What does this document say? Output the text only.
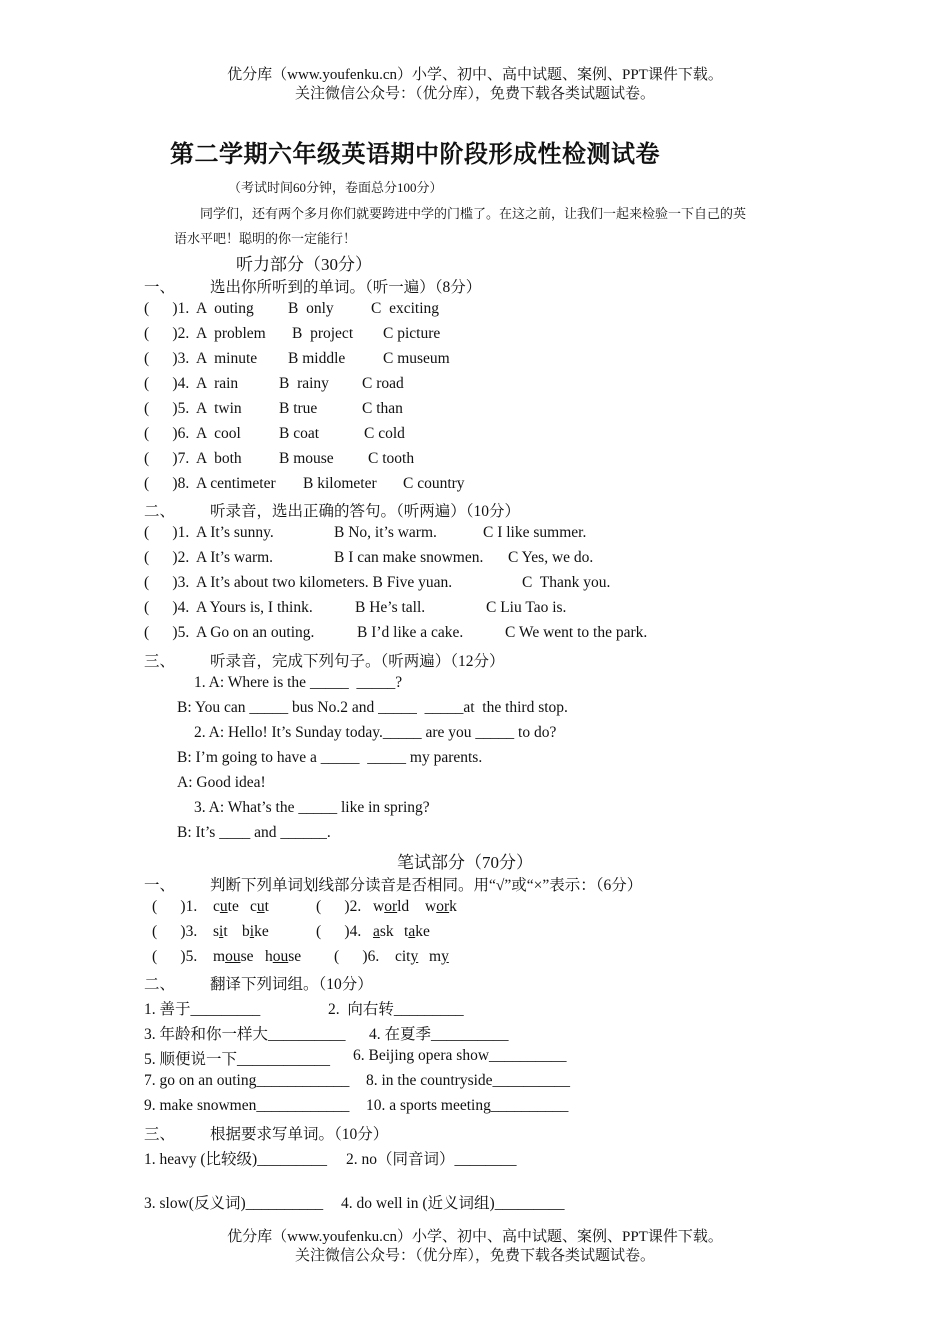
优分库（www.youfenku.cn）小学、初中、高中试题、案例、PPT课件下载。
关注微信公众号：（优分库），免费下载各类试题试卷。
第二学期六年级英语期中阶段形成性检测试卷
（考试时间60分钟，卷面总分100分）
同学们，还有两个多月你们就要跨进中学的门槛了。在这之前，让我们一起来检验一下自己的英
语水平吧！聪明的你一定能行！
听力部分（30分）
一、 选出你所听到的单词。（听一遍）（8分）
(      )1. A  outing B  only C  exciting
(      )2. A  problem B  project C picture
(      )3. A  minute B middle C museum
(      )4. A  rain	B  rainy C road
(      )5. A  twin B true	C than
(      )6. A  cool B coat	C cold
(      )7. A  both B mouse C tooth
(      )8. A centimeter B kilometer C country
二、 听录音，选出正确的答句。（听两遍）（10分）
(      )1. A It’s sunny.	B No, it’s warm.	C I like summer.
(      )2. A It’s warm.	B I can make snowmen. C Yes, we do.
(      )3. A It’s about two kilometers. B Five yuan.	C  Thank you.
(      )4. A Yours is, I think.	B He’s tall.	C Liu Tao is.
(      )5. A Go on an outing.	B I’d like a cake.	C We went to the park.
三、 听录音，完成下列句子。（听两遍）（12分）
1. A: Where is the _____  _____?
B: You can _____ bus No.2 and _____  _____at  the third stop.
2. A: Hello! It’s Sunday today._____ are you _____ to do?
B: I’m going to have a _____  _____ my parents.
A: Good idea!
3. A: What’s the _____ like in spring?
B: It’s ____ and ______.
笔试部分（70分）
一、 判断下列单词划线部分读音是否相同。用“√”或“×”表示：（6分）
(      )1. cute cut	(      )2. world work
(      )3. sit bike	(      )4. ask take
(      )5. mouse house (      )6. city my
二、 翻译下列词组。（10分）
1. 善于_________	2.  向右转_________
3. 年龄和你一样大__________ 4. 在夏季__________
5. 顺便说一下____________ 6. Beijing opera show__________
7. go on an outing____________ 8. in the countryside__________
9. make snowmen____________ 10. a sports meeting__________
三、 根据要求写单词。（10分）
1. heavy (比较级)_________ 2. no（同音词）________
3. slow(反义词)__________ 4. do well in (近义词组)_________
优分库（www.youfenku.cn）小学、初中、高中试题、案例、PPT课件下载。
关注微信公众号：（优分库），免费下载各类试题试卷。
